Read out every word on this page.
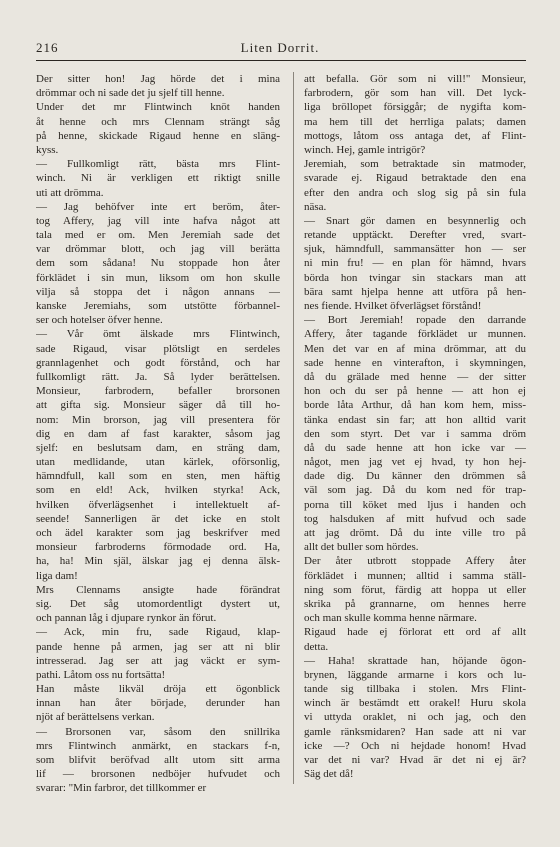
216	Liten Dorrit.
Der sitter hon! Jag hörde det i mina
drömmar och ni sade det ju sjelf till henne.
Under det mr Flintwinch knöt handen
åt henne och mrs Clennam strängt såg
på henne, skickade Rigaud henne en släng-
kyss.
— Fullkomligt rätt, bästa mrs Flint-
winch. Ni är verkligen ett riktigt snille
uti att drömma.
— Jag behöfver inte ert beröm, åter-
tog Affery, jag vill inte hafva något att
tala med er om. Men Jeremiah sade det
var drömmar blott, och jag vill berätta
dem som sådana! Nu stoppade hon åter
förklädet i sin mun, liksom om hon skulle
vilja så stoppa det i någon annans —
kanske Jeremiahs, som utstötte förbannel-
ser och hotelser öfver henne.
— Vår ömt älskade mrs Flintwinch,
sade Rigaud, visar plötsligt en serdeles
grannlagenhet och godt förstånd, och har
fullkomligt rätt. Ja. Så lyder berättelsen.
Monsieur, farbrodern, befaller brorsonen
att gifta sig. Monsieur säger då till ho-
nom: Min brorson, jag vill presentera för
dig en dam af fast karakter, såsom jag
sjelf: en beslutsam dam, en sträng dam,
utan medlidande, utan kärlek, oförsonlig,
hämndfull, kall som en sten, men häftig
som en eld! Ack, hvilken styrka! Ack,
hvilken öfverlägsenhet i intellektuelt af-
seende! Sannerligen är det icke en stolt
och ädel karakter som jag beskrifver med
monsieur farbroderns förmodade ord. Ha,
ha, ha! Min själ, älskar jag ej denna älsk-
liga dam!
Mrs Clennams ansigte hade förändrat
sig. Det såg utomordentligt dystert ut,
och pannan låg i djupare rynkor än förut.
— Ack, min fru, sade Rigaud, klap-
pande henne på armen, jag ser att ni blir
intresserad. Jag ser att jag väckt er sym-
pathi. Låtom oss nu fortsätta!
Han måste likväl dröja ett ögonblick
innan han åter började, derunder han
njöt af berättelsens verkan.
— Brorsonen var, såsom den snillrika
mrs Flintwinch anmärkt, en stackars f-n,
som blifvit beröfvad allt utom sitt arma
lif — brorsonen nedböjer hufvudet och
svarar: "Min farbror, det tillkommer er
att befalla. Gör som ni vill!" Monsieur,
farbrodern, gör som han vill. Det lyck-
liga bröllopet försiggår; de nygifta kom-
ma hem till det herrliga palats; damen
mottogs, låtom oss antaga det, af Flint-
winch. Hej, gamle intrigör?
Jeremiah, som betraktade sin matmoder,
svarade ej. Rigaud betraktade den ena
efter den andra och slog sig på sin fula
näsa.
— Snart gör damen en besynnerlig och
retande upptäckt. Derefter vred, svart-
sjuk, hämndfull, sammansätter hon — ser
ni min fru! — en plan för hämnd, hvars
börda hon tvingar sin stackars man att
bära samt hjelpa henne att utföra på hen-
nes fiende. Hvilket öfverlägset förstånd!
— Bort Jeremiah! ropade den darrande
Affery, åter tagande förklädet ur munnen.
Men det var en af mina drömmar, att du
sade henne en vinterafton, i skymningen,
då du grälade med henne — der sitter
hon och du ser på henne — att hon ej
borde låta Arthur, då han kom hem, miss-
tänka endast sin far; att hon alltid varit
den som styrt. Det var i samma dröm
då du sade henne att hon icke var —
något, men jag vet ej hvad, ty hon hej-
dade dig. Du känner den drömmen så
väl som jag. Då du kom ned för trap-
porna till köket med ljus i handen och
tog halsduken af mitt hufvud och sade
att jag drömt. Då du inte ville tro på
allt det buller som hördes.
Der åter utbrott stoppade Affery åter
förklädet i munnen; alltid i samma ställ-
ning som förut, färdig att hoppa ut eller
skrika på grannarne, om hennes herre
och man skulle komma henne närmare.
Rigaud hade ej förlorat ett ord af allt
detta.
— Haha! skrattade han, höjande ögon-
brynen, läggande armarne i kors och lu-
tande sig tillbaka i stolen. Mrs Flint-
winch är bestämdt ett orakel! Huru skola
vi uttyda oraklet, ni och jag, och den
gamle ränksmidaren? Han sade att ni var
icke —? Och ni hejdade honom! Hvad
var det ni var? Hvad är det ni ej är?
Säg det då!
